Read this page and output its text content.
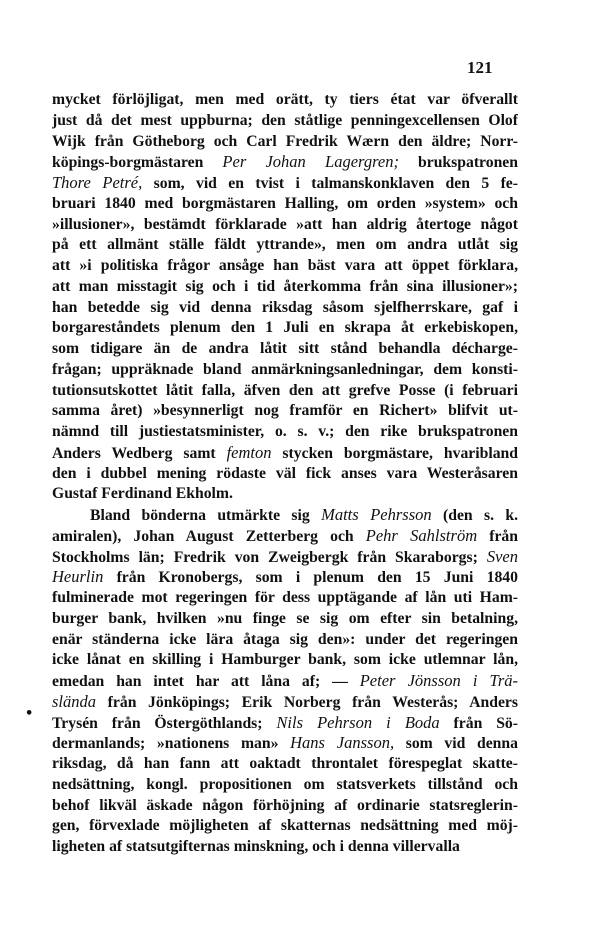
121
•
mycket förlöjligat, men med orätt, ty tiers état var öfverallt
just då det mest uppburna; den ståtlige penningexcellensen Olof
Wijk från Götheborg och Carl Fredrik Wærn den äldre; Norr-
köpings-borgmästaren Per Johan Lagergren; brukspatronen
Thore Petré, som, vid en tvist i talmanskonklaven den 5 fe-
bruari 1840 med borgmästaren Halling, om orden »system» och
»illusioner», bestämdt förklarade »att han aldrig återtoge något
på ett allmänt ställe fäldt yttrande», men om andra utlåt sig
att »i politiska frågor ansåge han bäst vara att öppet förklara,
att man misstagit sig och i tid återkomma från sina illusioner»;
han betedde sig vid denna riksdag såsom sjelfherrskare, gaf i
borgareståndets plenum den 1 Juli en skrapa åt erkebiskopen,
som tidigare än de andra låtit sitt stånd behandla décharge-
frågan; uppräknade bland anmärkningsanledningar, dem konsti-
tutionsutskottet låtit falla, äfven den att grefve Posse (i februari
samma året) »besynnerligt nog framför en Richert» blifvit ut-
nämnd till justiestatsminister, o. s. v.; den rike brukspatronen
Anders Wedberg samt femton stycken borgmästare, hvaribland
den i dubbel mening rödaste väl fick anses vara Westeråsaren
Gustaf Ferdinand Ekholm.
Bland bönderna utmärkte sig Matts Pehrsson (den s. k.
amiralen), Johan August Zetterberg och Pehr Sahlström från
Stockholms län; Fredrik von Zweigbergk från Skaraborgs; Sven
Heurlin från Kronobergs, som i plenum den 15 Juni 1840
fulminerade mot regeringen för dess upptägande af lån uti Ham-
burger bank, hvilken »nu finge se sig om efter sin betalning,
enär ständerna icke lära åtaga sig den»: under det regeringen
icke lånat en skilling i Hamburger bank, som icke utlemnar lån,
emedan han intet har att låna af; — Peter Jönsson i Trä-
slända från Jönköpings; Erik Norberg från Westerås; Anders
Trysén från Östergöthlands; Nils Pehrson i Boda från Sö-
dermanlands; »nationens man» Hans Jansson, som vid denna
riksdag, då han fann att oaktadt throntalet förespeglat skatte-
nedsättning, kongl. propositionen om statsverkets tillstånd och
behof likväl äskade någon förhöjning af ordinarie statsreglerin-
gen, förvexlade möjligheten af skatternas nedsättning med möj-
ligheten af statsutgifternas minskning, och i denna villervalla
